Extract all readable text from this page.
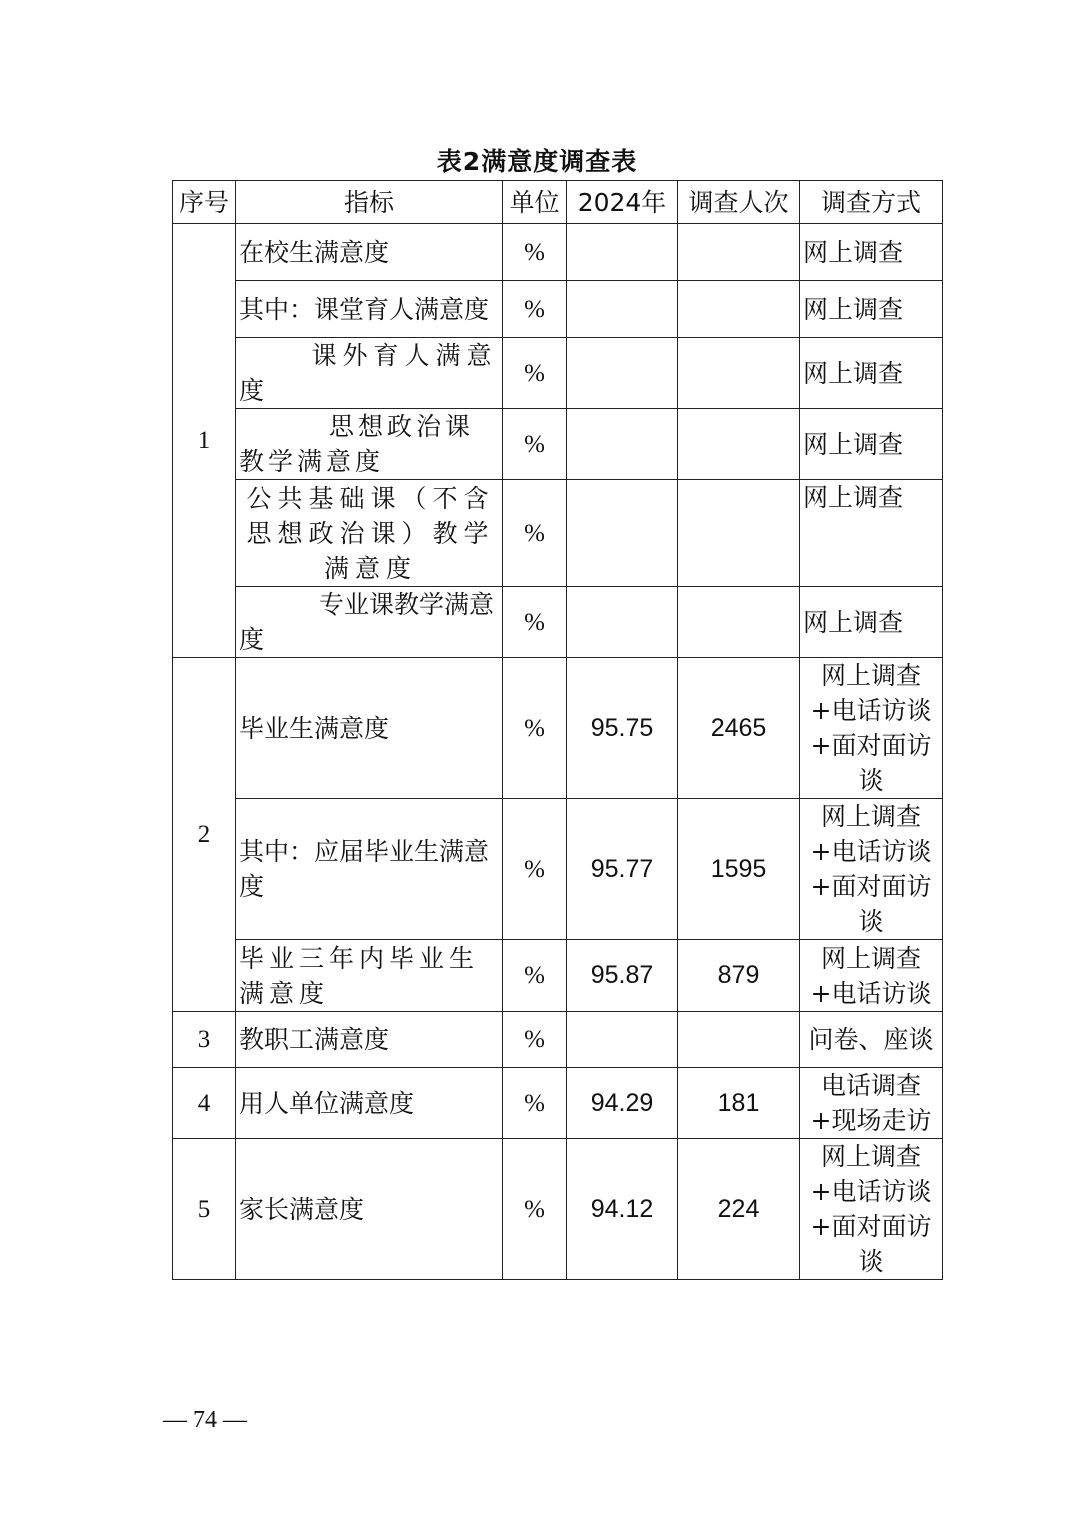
表2满意度调查表
序号	指标	单位	2024年	调查人次	调查方式
1	在校生满意度	%			网上调查
	其中：课堂育人满意度	%			网上调查
	课外育人满意度	%			网上调查
	思想政治课教学满意度	%			网上调查
	公共基础课（不含思想政治课）教学满意度	%			网上调查
	专业课教学满意度	%			网上调查
2	毕业生满意度	%	95.75	2465	网上调查+电话访谈+面对面访谈
	其中：应届毕业生满意度	%	95.77	1595	网上调查+电话访谈+面对面访谈
	毕业三年内毕业生满意度	%	95.87	879	网上调查+电话访谈
3	教职工满意度	%			问卷、座谈
4	用人单位满意度	%	94.29	181	电话调查+现场走访
5	家长满意度	%	94.12	224	网上调查+电话访谈+面对面访谈
— 74 —
